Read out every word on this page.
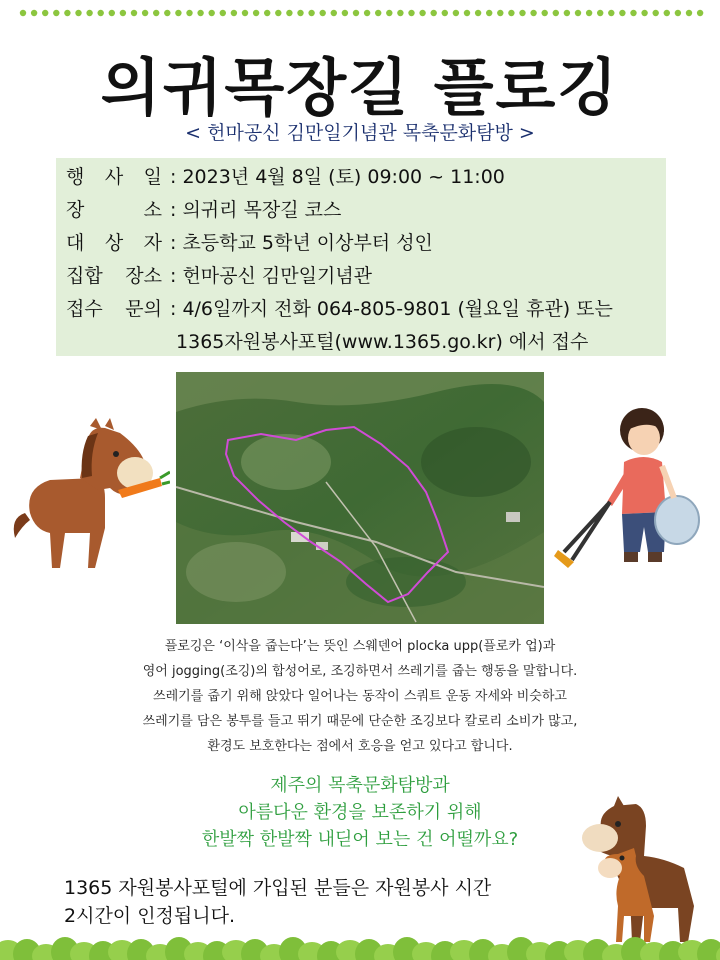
의귀목장길 플로깅
< 헌마공신 김만일기념관 목축문화탐방 >
행 사 일 : 2023년 4월 8일 (토) 09:00 ~ 11:00
장 소 : 의귀리 목장길 코스
대 상 자 : 초등학교 5학년 이상부터 성인
집합 장소 : 헌마공신 김만일기념관
접수 문의 : 4/6일까지 전화 064-805-9801 (월요일 휴관) 또는
1365자원봉사포털(www.1365.go.kr) 에서 접수
플로깅은 ‘이삭을 줍는다’는 뜻인 스웨덴어 plocka upp(플로카 업)과
영어 jogging(조깅)의 합성어로, 조깅하면서 쓰레기를 줍는 행동을 말합니다.
쓰레기를 줍기 위해 앉았다 일어나는 동작이 스쿼트 운동 자세와 비슷하고
쓰레기를 담은 봉투를 들고 뛰기 때문에 단순한 조깅보다 칼로리 소비가 많고,
환경도 보호한다는 점에서 호응을 얻고 있다고 합니다.
제주의 목축문화탐방과
아름다운 환경을 보존하기 위해
한발짝 한발짝 내딛어 보는 건 어떨까요?
1365 자원봉사포털에 가입된 분들은 자원봉사 시간
2시간이 인정됩니다.
